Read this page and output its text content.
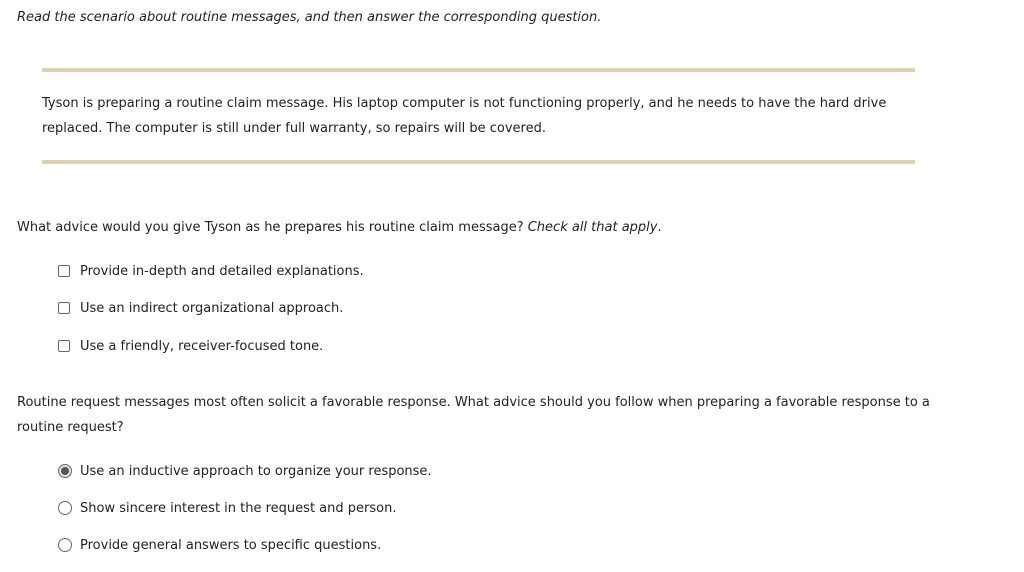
Read the scenario about routine messages, and then answer the corresponding question.
Tyson is preparing a routine claim message. His laptop computer is not functioning properly, and he needs to have the hard drive replaced. The computer is still under full warranty, so repairs will be covered.
What advice would you give Tyson as he prepares his routine claim message? Check all that apply.
Provide in-depth and detailed explanations.
Use an indirect organizational approach.
Use a friendly, receiver-focused tone.
Routine request messages most often solicit a favorable response. What advice should you follow when preparing a favorable response to a routine request?
Use an inductive approach to organize your response.
Show sincere interest in the request and person.
Provide general answers to specific questions.
